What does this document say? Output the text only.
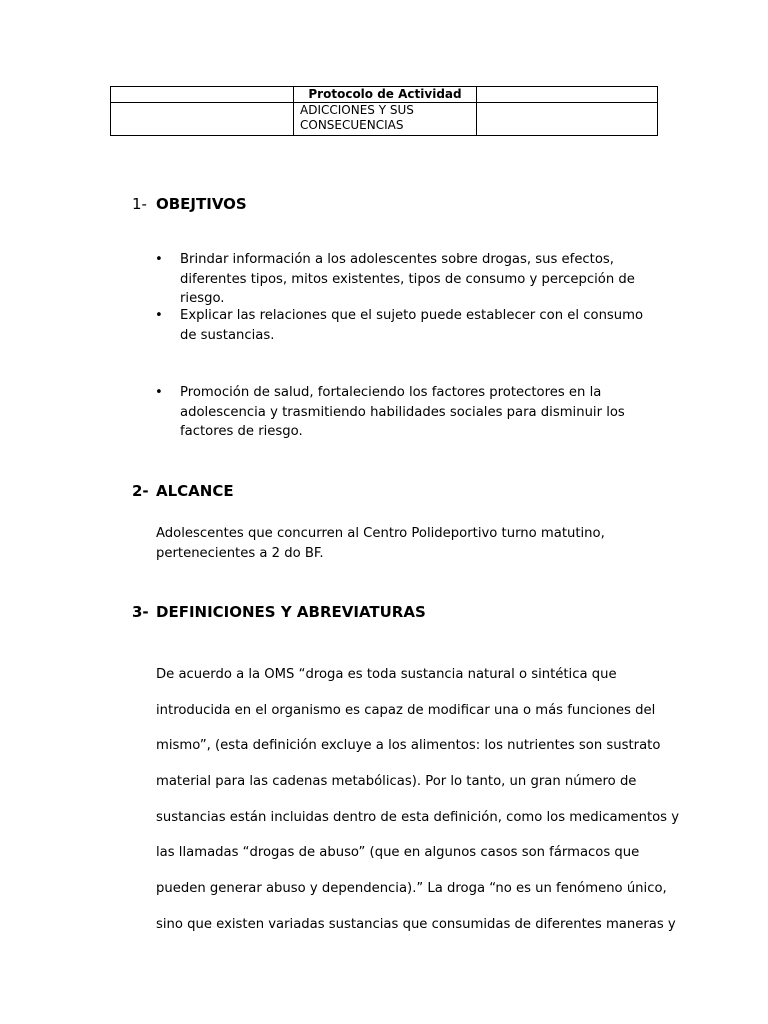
	Protocolo de Actividad	
	ADICCIONES Y SUS CONSECUENCIAS	
1- OBEJTIVOS
• Brindar información a los adolescentes sobre drogas, sus efectos, diferentes tipos, mitos existentes, tipos de consumo y percepción de riesgo.
• Explicar las relaciones que el sujeto puede establecer con el consumo de sustancias.
• Promoción de salud, fortaleciendo los factores protectores en la adolescencia y trasmitiendo habilidades sociales para disminuir los factores de riesgo.
2- ALCANCE
Adolescentes que concurren al Centro Polideportivo turno matutino, pertenecientes a 2 do BF.
3- DEFINICIONES Y ABREVIATURAS
De acuerdo a la OMS “droga es toda sustancia natural o sintética que
introducida en el organismo es capaz de modificar una o más funciones del
mismo”, (esta definición excluye a los alimentos: los nutrientes son sustrato
material para las cadenas metabólicas). Por lo tanto, un gran número de
sustancias están incluidas dentro de esta definición, como los medicamentos y
las llamadas “drogas de abuso” (que en algunos casos son fármacos que
pueden generar abuso y dependencia).” La droga “no es un fenómeno único,
sino que existen variadas sustancias que consumidas de diferentes maneras y
